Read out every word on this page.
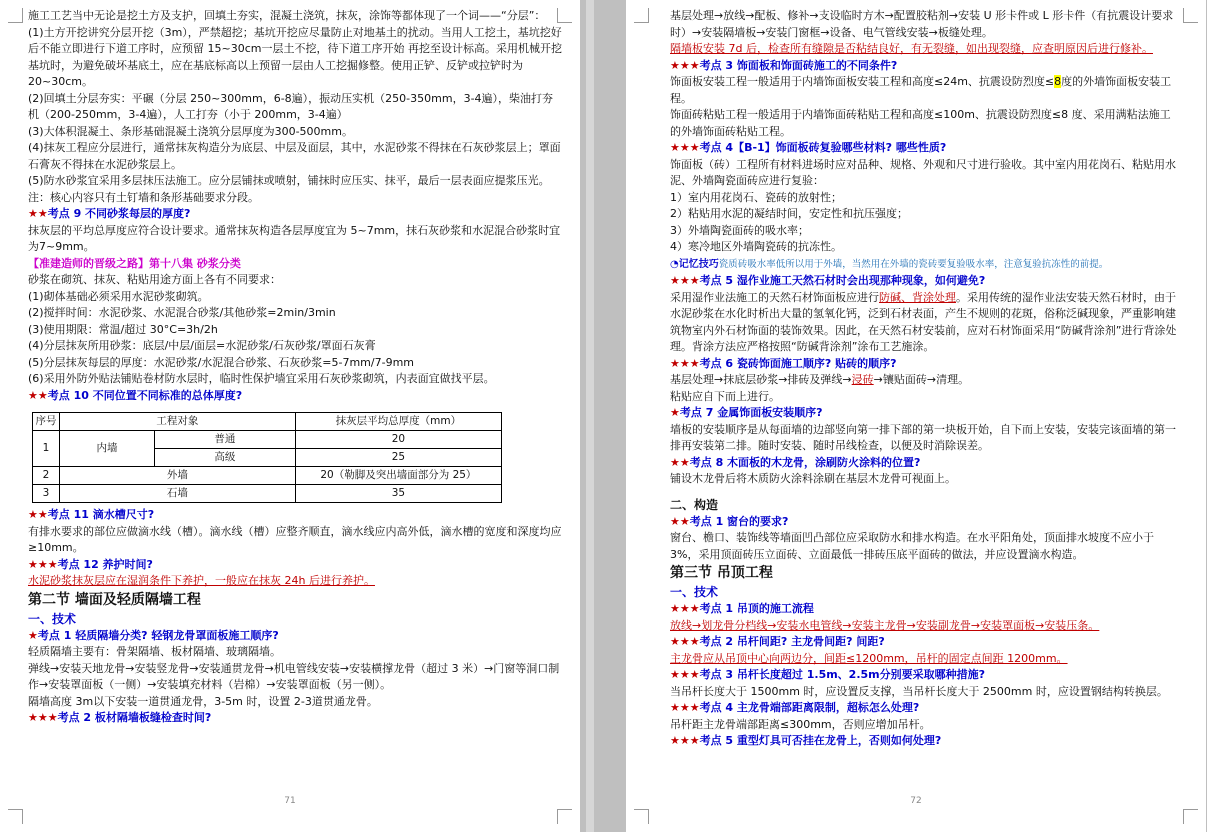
施工工艺当中无论是挖土方及支护，回填土夯实，混凝土浇筑，抹灰，涂饰等都体现了一个词——“分层”：

(1)土方开挖讲究分层开挖（3m），严禁超挖；基坑开挖应尽量防止对地基土的扰动。当用人工挖土，基坑挖好后不能立即进行下道工序时，应预留 15~30cm一层土不挖，待下道工序开始 再挖至设计标高。采用机械开挖基坑时，为避免破坏基底土，应在基底标高以上预留一层由人工挖掘修整。使用正铲、反铲或拉铲时为 20~30cm。

(2)回填土分层夯实：平碾（分层 250~300mm，6-8遍），振动压实机（250-350mm，3-4遍），柴油打夯机（200-250mm，3-4遍），人工打夯（小于 200mm，3-4遍）

(3)大体积混凝土、条形基础混凝土浇筑分层厚度为300-500mm。

(4)抹灰工程应分层进行，通常抹灰构造分为底层、中层及面层，其中，水泥砂浆不得抹在石灰砂浆层上；罩面石膏灰不得抹在水泥砂浆层上。

(5)防水砂浆宜采用多层抹压法施工。应分层铺抹或喷射，铺抹时应压实、抹平，最后一层表面应提浆压光。

注：核心内容只有土钉墙和条形基础要求分段。

★★考点 9 不同砂浆每层的厚度?

抹灰层的平均总厚度应符合设计要求。通常抹灰构造各层厚度宜为 5~7mm，抹石灰砂浆和水泥混合砂浆时宜为7~9mm。

【准建造师的晋级之路】第十八集 砂浆分类

砂浆在砌筑、抹灰、粘贴用途方面上各有不同要求：

(1)砌体基础必须采用水泥砂浆砌筑。

(2)搅拌时间：水泥砂浆、水泥混合砂浆/其他砂浆=2min/3min

(3)使用期限：常温/超过 30°C=3h/2h

(4)分层抹灰所用砂浆：底层/中层/面层=水泥砂浆/石灰砂浆/罩面石灰膏

(5)分层抹灰每层的厚度：水泥砂浆/水泥混合砂浆、石灰砂浆=5-7mm/7-9mm

(6)采用外防外贴法铺贴卷材防水层时，临时性保护墙宜采用石灰砂浆砌筑，内表面宜做找平层。

★★考点 10 不同位置不同标准的总体厚度?

序号	工程对象		抹灰层平均总厚度（mm）
1	内墙	普通	20
		高级	25
2	外墙		20（勒脚及突出墙面部分为 25）
3	石墙		35

★★考点 11 滴水槽尺寸?

有排水要求的部位应做滴水线（槽）。滴水线（槽）应整齐顺直，滴水线应内高外低，滴水槽的宽度和深度均应≥10mm。

★★★考点 12 养护时间?

水泥砂浆抹灰层应在湿润条件下养护，一般应在抹灰 24h 后进行养护。

第二节 墙面及轻质隔墙工程

一、技术

★考点 1 轻质隔墙分类? 轻钢龙骨罩面板施工顺序?

轻质隔墙主要有：骨架隔墙、板材隔墙、玻璃隔墙。

弹线→安装天地龙骨→安装竖龙骨→安装通贯龙骨→机电管线安装→安装横撑龙骨（超过 3 米）→门窗等洞口制作→安装罩面板（一侧）→安装填充材料（岩棉）→安装罩面板（另一侧）。

隔墙高度 3m以下安装一道贯通龙骨，3-5m 时，设置 2-3道贯通龙骨。

★★★考点 2 板材隔墙板缝检查时间?

71

基层处理→放线→配板、修补→支设临时方木→配置胶粘剂→安装 U 形卡件或 L 形卡件（有抗震设计要求时）→安装隔墙板→安装门窗框→设备、电气管线安装→板缝处理。

隔墙板安装 7d 后，检查所有缝隙是否粘结良好，有无裂缝，如出现裂缝，应查明原因后进行修补。

★★★考点 3 饰面板和饰面砖施工的不同条件?

饰面板安装工程一般适用于内墙饰面板安装工程和高度≤24m、抗震设防烈度≤8度的外墙饰面板安装工程。

饰面砖粘贴工程一般适用于内墙饰面砖粘贴工程和高度≤100m、抗震设防烈度≤8 度、采用满粘法施工的外墙饰面砖粘贴工程。

★★★考点 4【B-1】饰面板砖复验哪些材料? 哪些性质?

饰面板（砖）工程所有材料进场时应对品种、规格、外观和尺寸进行验收。其中室内用花岗石、粘贴用水泥、外墙陶瓷面砖应进行复验：

1）室内用花岗石、瓷砖的放射性；

2）粘贴用水泥的凝结时间，安定性和抗压强度；

3）外墙陶瓷面砖的吸水率；

4）寒冷地区外墙陶瓷砖的抗冻性。

◔记忆技巧瓷质砖吸水率低所以用于外墙，当然用在外墙的瓷砖要复验吸水率，注意复验抗冻性的前提。

★★★考点 5 湿作业施工天然石材时会出现那种现象，如何避免?

采用湿作业法施工的天然石材饰面板应进行防碱、背涂处理。采用传统的湿作业法安装天然石材时，由于水泥砂浆在水化时析出大量的氢氧化钙，泛到石材表面，产生不规则的花斑，俗称泛碱现象，严重影响建筑物室内外石材饰面的装饰效果。因此，在天然石材安装前，应对石材饰面采用“防碱背涂剂”进行背涂处理。背涂方法应严格按照“防碱背涂剂”涂布工艺施涂。

★★★考点 6 瓷砖饰面施工顺序? 贴砖的顺序?

基层处理→抹底层砂浆→排砖及弹线→浸砖→镶贴面砖→清理。

粘贴应自下而上进行。

★考点 7 金属饰面板安装顺序?

墙板的安装顺序是从每面墙的边部竖向第一排下部的第一块板开始，自下而上安装，安装完该面墙的第一排再安装第二排。随时安装、随时吊线检查，以便及时消除误差。

★★考点 8 木面板的木龙骨，涂刷防火涂料的位置?

铺设木龙骨后将木质防火涂料涂刷在基层木龙骨可视面上。

二、构造

★★考点 1 窗台的要求?

窗台、檐口、装饰线等墙面凹凸部位应采取防水和排水构造。在水平阳角处，顶面排水坡度不应小于 3%，采用顶面砖压立面砖、立面最低一排砖压底平面砖的做法，并应设置滴水构造。

第三节 吊顶工程

一、技术

★★★考点 1 吊顶的施工流程

放线→划龙骨分档线→安装水电管线→安装主龙骨→安装副龙骨→安装罩面板→安装压条。

★★★考点 2 吊杆间距? 主龙骨间距? 间距?

主龙骨应从吊顶中心向两边分，间距≤1200mm，吊杆的固定点间距 1200mm。

★★★考点 3 吊杆长度超过 1.5m、2.5m分别要采取哪种措施?

当吊杆长度大于 1500mm 时，应设置反支撑，当吊杆长度大于 2500mm 时，应设置钢结构转换层。

★★★考点 4 主龙骨端部距离限制，超标怎么处理?

吊杆距主龙骨端部距离≤300mm，否则应增加吊杆。

★★★考点 5 重型灯具可否挂在龙骨上，否则如何处理?

72
